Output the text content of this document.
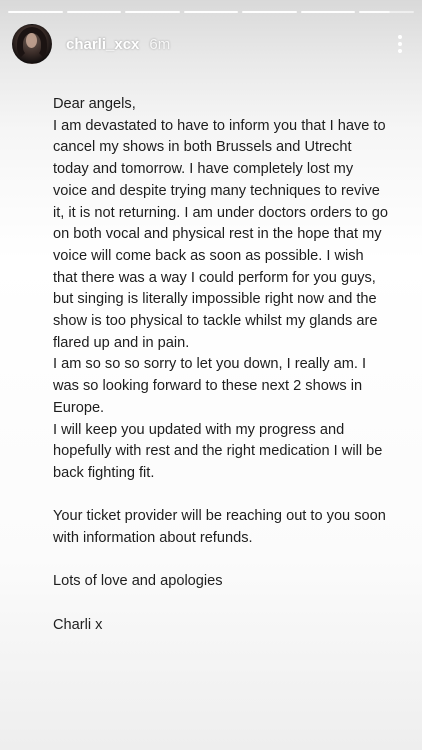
charli_xcx 6m

Dear angels,

I am devastated to have to inform you that I have to cancel my shows in both Brussels and Utrecht today and tomorrow. I have completely lost my voice and despite trying many techniques to revive it, it is not returning. I am under doctors orders to go on both vocal and physical rest in the hope that my voice will come back as soon as possible. I wish that there was a way I could perform for you guys, but singing is literally impossible right now and the show is too physical to tackle whilst my glands are flared up and in pain.

I am so so so sorry to let you down, I really am. I was so looking forward to these next 2 shows in Europe.

I will keep you updated with my progress and hopefully with rest and the right medication I will be back fighting fit.

Your ticket provider will be reaching out to you soon with information about refunds.

Lots of love and apologies

Charli x
